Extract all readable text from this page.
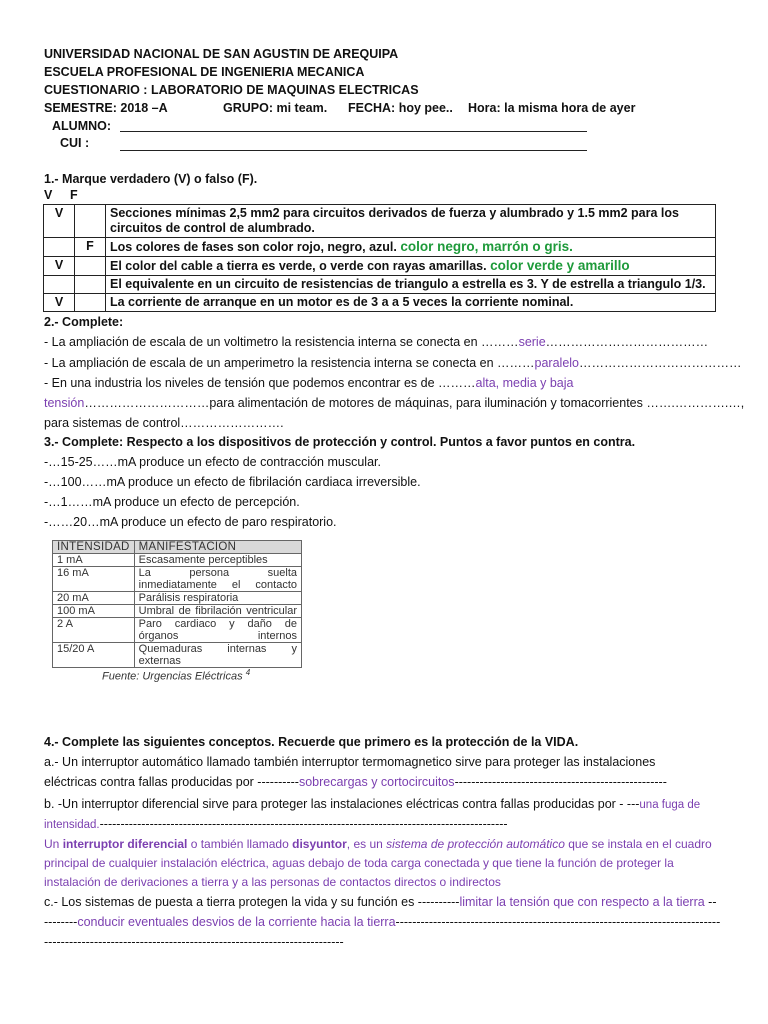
UNIVERSIDAD NACIONAL DE SAN AGUSTIN DE AREQUIPA
ESCUELA PROFESIONAL DE INGENIERIA MECANICA
CUESTIONARIO : LABORATORIO DE MAQUINAS ELECTRICAS
SEMESTRE: 2018 –A	GRUPO: mi team. FECHA: hoy pee.. Hora: la misma hora de ayer
ALUMNO:
CUI :
1.- Marque verdadero (V) o falso (F).
V F
V		Secciones mínimas 2,5 mm2 para circuitos derivados de fuerza y alumbrado y 1.5 mm2 para los circuitos de control de alumbrado.
	F	Los colores de fases son color rojo, negro, azul. color negro, marrón o gris.
V		El color del cable a tierra es verde, o verde con rayas amarillas. color verde y amarillo
		El equivalente en un circuito de resistencias de triangulo a estrella es 3. Y de estrella a triangulo 1/3.
V		La corriente de arranque en un motor es de 3 a a 5 veces la corriente nominal.
2.- Complete:
- La ampliación de escala de un voltimetro la resistencia interna se conecta en ………serie…………………………………
- La ampliación de escala de un amperimetro la resistencia interna se conecta en ………paralelo…………………………………
- En una industria los niveles de tensión que podemos encontrar es de ………alta, media y baja
tensión…………………………para alimentación de motores de máquinas, para iluminación y tomacorrientes …….………….…,
para sistemas de control…………………….
3.- Complete: Respecto a los dispositivos de protección y control. Puntos a favor puntos en contra.
-…15-25……mA produce un efecto de contracción muscular.
-…100……mA produce un efecto de fibrilación cardiaca irreversible.
-…1……mA produce un efecto de percepción.
-……20…mA produce un efecto de paro respiratorio.
INTENSIDAD	MANIFESTACION
1 mA	Escasamente perceptibles
16 mA	La persona suelta inmediatamente el contacto
20 mA	Parálisis respiratoria
100 mA	Umbral de fibrilación ventricular
2 A	Paro cardiaco y daño de órganos internos
15/20 A	Quemaduras internas y externas
Fuente: Urgencias Eléctricas $^4$
4.- Complete las siguientes conceptos. Recuerde que primero es la protección de la VIDA.
a.- Un interruptor automático llamado también interruptor termomagnetico sirve para proteger las instalaciones
eléctricas contra fallas producidas por ----------sobrecargas y cortocircuitos---------------------------------------------------
b. -Un interruptor diferencial sirve para proteger las instalaciones eléctricas contra fallas producidas por - ---una fuga de
intensidad.--------------------------------------------------------------------------------------------------
Un interruptor diferencial o también llamado disyuntor, es un sistema de protección automático que se instala en el cuadro
principal de cualquier instalación eléctrica, aguas debajo de toda carga conectada y que tiene la función de proteger la
instalación de derivaciones a tierra y a las personas de contactos directos o indirectos
c.- Los sistemas de puesta a tierra protegen la vida y su función es ----------limitar la tensión que con respecto a la tierra --
--------conducir eventuales desvios de la corriente hacia la tierra------------------------------------------------------------------------------
------------------------------------------------------------------------
